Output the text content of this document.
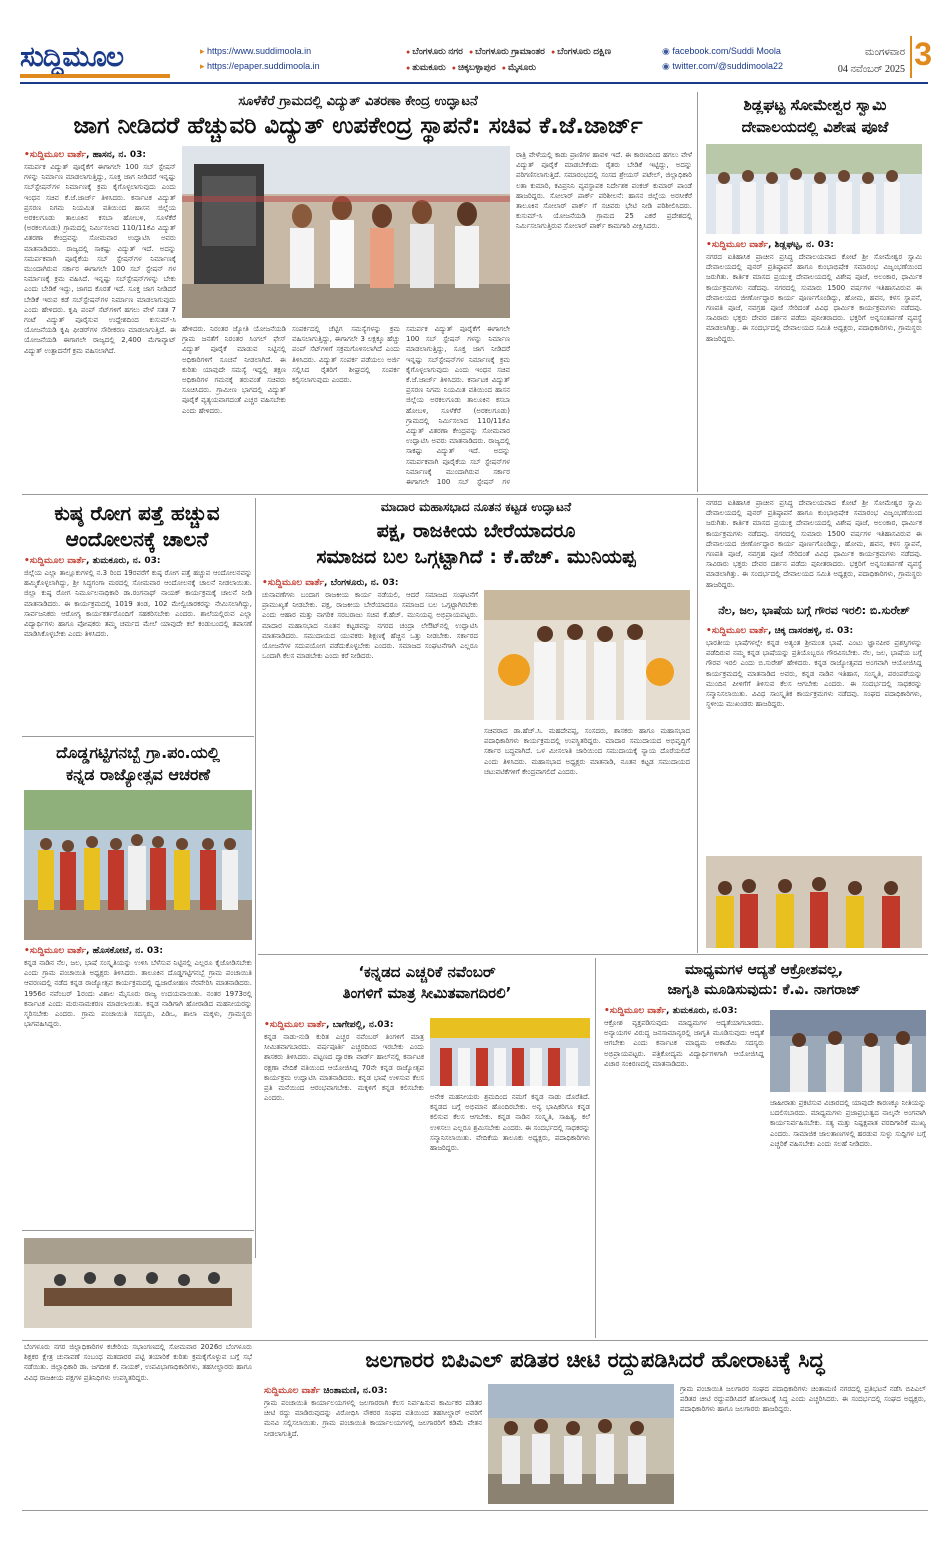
ಸುದ್ದಿಮೂಲ	▸ https://www.suddimoola.in
▸ https://epaper.suddimoola.in
● ಬೆಂಗಳೂರು ನಗರ ● ಬೆಂಗಳೂರು ಗ್ರಾಮಾಂತರ ● ಬೆಂಗಳೂರು ದಕ್ಷಿಣ
● ತುಮಕೂರು ● ಚಿಕ್ಕಬಳ್ಳಾಪುರ ● ಮೈಸೂರು
◉ facebook.com/Suddi Moola
◉ twitter.com/@suddimoola22
ಮಂಗಳವಾರ
04 ನವೆಂಬರ್ 2025 3
ಸೂಳೆಕೆರೆ ಗ್ರಾಮದಲ್ಲಿ ವಿದ್ಯುತ್ ವಿತರಣಾ ಕೇಂದ್ರ ಉದ್ಘಾಟನೆ
ಜಾಗ ನೀಡಿದರೆ ಹೆಚ್ಚುವರಿ ವಿದ್ಯುತ್ ಉಪಕೇಂದ್ರ ಸ್ಥಾಪನೆ: ಸಚಿವ ಕೆ.ಜೆ.ಜಾರ್ಜ್
•ಸುದ್ದಿಮೂಲ ವಾರ್ತೆ, ಹಾಸನ, ನ. 03:
ಸಮರ್ಪಕ ವಿದ್ಯುತ್ ಪೂರೈಕೆಗೆ ಈಗಾಗಲೇ 100 ಸಬ್ ಸ್ಟೇಷನ್ ಗಳನ್ನು ನಿರ್ಮಾಣ ಮಾಡಲಾಗುತ್ತಿದ್ದು, ಸೂಕ್ತ ಜಾಗ ನೀಡಿದರೆ ಇನ್ನಷ್ಟು ಸಬ್‌ಸ್ಟೇಷನ್‌ಗಳ ನಿರ್ಮಾಣಕ್ಕೆ ಕ್ರಮ ಕೈಗೊಳ್ಳಲಾಗುವುದು ಎಂದು ಇಂಧನ ಸಚಿವ ಕೆ.ಜೆ.ಜಾರ್ಜ್ ತಿಳಿಸಿದರು. ಕರ್ನಾಟಕ ವಿದ್ಯುತ್ ಪ್ರಸರಣ ನಿಗಮ ನಿಯಮಿತ ವತಿಯಿಂದ ಹಾಸನ ಜಿಲ್ಲೆಯ ಅರಕಲಗೂಡು ತಾಲೂಕಿನ ಕಸಬಾ ಹೋಬಳಿ, ಸೂಳೆಕೆರೆ (ಅರಕಲಗೂಡು) ಗ್ರಾಮದಲ್ಲಿ ನಿರ್ಮಿಸಲಾದ 110/11ಕೆವಿ ವಿದ್ಯುತ್ ವಿತರಣಾ ಕೇಂದ್ರವನ್ನು ಸೋಮವಾರ ಉದ್ಘಾಟಿಸಿ ಅವರು ಮಾತನಾಡಿದರು. ರಾಜ್ಯದಲ್ಲಿ ಸಾಕಷ್ಟು ವಿದ್ಯುತ್ ಇದೆ. ಅದನ್ನು ಸಮರ್ಪಕವಾಗಿ ಪೂರೈಕೆಯ ಸಬ್ ಸ್ಟೇಷನ್‌ಗಳ ನಿರ್ಮಾಣಕ್ಕೆ ಮುಂದಾಗಿರುವ ಸರ್ಕಾರ ಈಗಾಗಲೇ 100 ಸಬ್ ಸ್ಟೇಷನ್ ಗಳ ನಿರ್ಮಾಣಕ್ಕೆ ಕ್ರಮ ವಹಿಸಿದೆ. ಇನ್ನಷ್ಟು ಸಬ್‌ಸ್ಟೇಷನ್‌ಗಳನ್ನು ಬೇಕು ಎಂದು ಬೇಡಿಕೆ ಇದ್ದು, ಜಾಗದ ಕೊರತೆ ಇದೆ. ಸೂಕ್ತ ಜಾಗ ನೀಡಿದರೆ ಬೇಡಿಕೆ ಇರುವ ಕಡೆ ಸಬ್‌ಸ್ಟೇಷನ್‌ಗಳ ನಿರ್ಮಾಣ ಮಾಡಲಾಗುವುದು ಎಂದು ಹೇಳಿದರು. ಕೃಷಿ ಪಂಪ್ ಸೆಟ್‌ಗಳಿಗೆ ಹಗಲು ವೇಳೆ ಸತತ 7 ಗಂಟೆ ವಿದ್ಯುತ್ ಪೂರೈಸುವ ಉದ್ದೇಶದಿಂದ ಕುಸುಮ್-ಸಿ ಯೋಜನೆಯಡಿ ಕೃಷಿ ಫೀಡರ್‌ಗಳ ಸೌರೀಕರಣ ಮಾಡಲಾಗುತ್ತಿದೆ. ಈ ಯೋಜನೆಯಡಿ ಈಗಾಗಲೇ ರಾಜ್ಯದಲ್ಲಿ 2,400 ಮೆಗಾವ್ಯಾಟ್ ವಿದ್ಯುತ್ ಉತ್ಪಾದನೆಗೆ ಕ್ರಮ ವಹಿಸಲಾಗಿದೆ.
ಹೇಳಿದರು. ನಿರಂತರ ಜ್ಯೋತಿ ಯೋಜನೆಯಡಿ ಗ್ರಾಮ ಜನತೆಗೆ ನಿರಂತರ ಸಿಂಗಲ್ ಫೇಸ್ ವಿದ್ಯುತ್ ಪೂರೈಕೆ ಮಾಡುವ ನಿಟ್ಟಿನಲ್ಲಿ ಅಧಿಕಾರಿಗಳಿಗೆ ಸೂಚನೆ ನೀಡಲಾಗಿದೆ. ಈ ಕುರಿತು ಯಾವುದೇ ಸಮಸ್ಯೆ ಇದ್ದಲ್ಲಿ ತಕ್ಷಣ ಅಧಿಕಾರಿಗಳ ಗಮನಕ್ಕೆ ತರುವಂತೆ ಸಚಿವರು ಸೂಚಿಸಿದರು. ಗ್ರಾಮೀಣ ಭಾಗದಲ್ಲಿ ವಿದ್ಯುತ್ ಪೂರೈಕೆ ವ್ಯತ್ಯಯವಾಗದಂತೆ ಎಚ್ಚರ ವಹಿಸಬೇಕು ಎಂದು ಹೇಳಿದರು.
ಸಂಪರ್ಕದಲ್ಲಿ ಚೆಟ್ಟಿಗ ಸಮಸ್ಯೆಗಳನ್ನು ಕ್ರಮ ವಹಿಸಲಾಗುತ್ತಿದ್ದು, ಈಗಾಗಲೇ 3 ಲಕ್ಷಕ್ಕೂ ಹೆಚ್ಚು ಪಂಪ್ ಸೆಟ್‌ಗಳಿಗೆ ಸಕ್ರಮಗೊಳಿಸಲಾಗಿದೆ ಎಂದು ತಿಳಿಸಿದರು. ವಿದ್ಯುತ್ ಸಂಪರ್ಕ ಪಡೆಯಲು ಅರ್ಜಿ ಸಲ್ಲಿಸಿದ ರೈತರಿಗೆ ಶೀಘ್ರದಲ್ಲಿ ಸಂಪರ್ಕ ಕಲ್ಪಿಸಲಾಗುವುದು ಎಂದರು.
ಸಮರ್ಪಕ ವಿದ್ಯುತ್ ಪೂರೈಕೆಗೆ ಈಗಾಗಲೇ 100 ಸಬ್ ಸ್ಟೇಷನ್ ಗಳನ್ನು ನಿರ್ಮಾಣ ಮಾಡಲಾಗುತ್ತಿದ್ದು, ಸೂಕ್ತ ಜಾಗ ನೀಡಿದರೆ ಇನ್ನಷ್ಟು ಸಬ್‌ಸ್ಟೇಷನ್‌ಗಳ ನಿರ್ಮಾಣಕ್ಕೆ ಕ್ರಮ ಕೈಗೊಳ್ಳಲಾಗುವುದು ಎಂದು ಇಂಧನ ಸಚಿವ ಕೆ.ಜೆ.ಜಾರ್ಜ್ ತಿಳಿಸಿದರು. ಕರ್ನಾಟಕ ವಿದ್ಯುತ್ ಪ್ರಸರಣ ನಿಗಮ ನಿಯಮಿತ ವತಿಯಿಂದ ಹಾಸನ ಜಿಲ್ಲೆಯ ಅರಕಲಗೂಡು ತಾಲೂಕಿನ ಕಸಬಾ ಹೋಬಳಿ, ಸೂಳೆಕೆರೆ (ಅರಕಲಗೂಡು) ಗ್ರಾಮದಲ್ಲಿ ನಿರ್ಮಿಸಲಾದ 110/11ಕೆವಿ ವಿದ್ಯುತ್ ವಿತರಣಾ ಕೇಂದ್ರವನ್ನು ಸೋಮವಾರ ಉದ್ಘಾಟಿಸಿ ಅವರು ಮಾತನಾಡಿದರು. ರಾಜ್ಯದಲ್ಲಿ ಸಾಕಷ್ಟು ವಿದ್ಯುತ್ ಇದೆ. ಅದನ್ನು ಸಮರ್ಪಕವಾಗಿ ಪೂರೈಕೆಯ ಸಬ್ ಸ್ಟೇಷನ್‌ಗಳ ನಿರ್ಮಾಣಕ್ಕೆ ಮುಂದಾಗಿರುವ ಸರ್ಕಾರ ಈಗಾಗಲೇ 100 ಸಬ್ ಸ್ಟೇಷನ್ ಗಳ
ರಾತ್ರಿ ವೇಳೆಯಲ್ಲಿ ಕಾಡು ಪ್ರಾಣಿಗಳ ಹಾವಳಿ ಇದೆ. ಈ ಕಾರಣದಿಂದ ಹಗಲು ವೇಳೆ ವಿದ್ಯುತ್ ಪೂರೈಕೆ ಮಾಡಬೇಕೆಂದು ರೈತರು ಬೇಡಿಕೆ ಇಟ್ಟಿದ್ದು, ಅದನ್ನು ಪರಿಗಣಿಸಲಾಗುತ್ತಿದೆ. ಸಮಾರಂಭದಲ್ಲಿ ಸಂಸದ ಶ್ರೇಯಸ್ ಪಟೇಲ್, ಜಿಲ್ಲಾಧಿಕಾರಿ ಲತಾ ಕುಮಾರಿ, ಕವಿಪ್ರನಿನಿ ವ್ಯವಸ್ಥಾಪಕ ನಿರ್ದೇಶಕ ಪಂಕಜ್ ಕುಮಾರ್ ಪಾಂಡೆ ಹಾಜರಿದ್ದರು. ಸೋಲಾರ್ ಪಾರ್ಕ್ ಪರಿಶೀಲನೆ: ಹಾಸನ ಜಿಲ್ಲೆಯ ಅರಸೀಕೆರೆ ತಾಲೂಕಿನ ಸೋಲಾರ್ ಪಾರ್ಕ್ ಗೆ ಸಚಿವರು ಭೇಟಿ ನೀಡಿ ಪರಿಶೀಲಿಸಿದರು. ಕುಸುಮ್-ಸಿ ಯೋಜನೆಯಡಿ ಗ್ರಾಮದ 25 ಎಕರೆ ಪ್ರದೇಶದಲ್ಲಿ ನಿರ್ಮಿಸಲಾಗುತ್ತಿರುವ ಸೋಲಾರ್ ಪಾರ್ಕ್ ಕಾಮಗಾರಿ ವೀಕ್ಷಿಸಿದರು.
ಶಿಡ್ಲಘಟ್ಟ ಸೋಮೇಶ್ವರ ಸ್ವಾಮಿ
ದೇವಾಲಯದಲ್ಲಿ ವಿಶೇಷ ಪೂಜೆ
•ಸುದ್ದಿಮೂಲ ವಾರ್ತೆ, ಶಿಡ್ಲಘಟ್ಟ, ನ. 03:
ನಗರದ ಐತಿಹಾಸಿಕ ಪ್ರಾಚೀನ ಪ್ರಸಿದ್ಧ ದೇವಾಲಯವಾದ ಕೋಟೆ ಶ್ರೀ ಸೋಮೇಶ್ವರ ಸ್ವಾಮಿ ದೇವಾಲಯದಲ್ಲಿ ಪುನರ್ ಪ್ರತಿಷ್ಠಾಪನೆ ಹಾಗೂ ಕುಂಭಾಭಿಷೇಕ ಸಮಾರಂಭ ವಿಜೃಂಭಣೆಯಿಂದ ಜರುಗಿತು. ಕಾರ್ತಿಕ ಮಾಸದ ಪ್ರಯುಕ್ತ ದೇವಾಲಯದಲ್ಲಿ ವಿಶೇಷ ಪೂಜೆ, ಅಲಂಕಾರ, ಧಾರ್ಮಿಕ ಕಾರ್ಯಕ್ರಮಗಳು ನಡೆದವು. ನಗರದಲ್ಲಿ ಸುಮಾರು 1500 ವರ್ಷಗಳ ಇತಿಹಾಸವಿರುವ ಈ ದೇವಾಲಯದ ಜೀರ್ಣೋದ್ಧಾರ ಕಾರ್ಯ ಪೂರ್ಣಗೊಂಡಿದ್ದು, ಹೋಮ, ಹವನ, ಕಳಸ ಸ್ಥಾಪನೆ, ಗಣಪತಿ ಪೂಜೆ, ನವಗ್ರಹ ಪೂಜೆ ಸೇರಿದಂತೆ ವಿವಿಧ ಧಾರ್ಮಿಕ ಕಾರ್ಯಕ್ರಮಗಳು ನಡೆದವು. ಸಾವಿರಾರು ಭಕ್ತರು ದೇವರ ದರ್ಶನ ಪಡೆದು ಪುನೀತರಾದರು. ಭಕ್ತರಿಗೆ ಅನ್ನಸಂತರ್ಪಣೆ ವ್ಯವಸ್ಥೆ ಮಾಡಲಾಗಿತ್ತು. ಈ ಸಂದರ್ಭದಲ್ಲಿ ದೇವಾಲಯದ ಸಮಿತಿ ಅಧ್ಯಕ್ಷರು, ಪದಾಧಿಕಾರಿಗಳು, ಗ್ರಾಮಸ್ಥರು ಹಾಜರಿದ್ದರು.
ಕುಷ್ಠ ರೋಗ ಪತ್ತೆ ಹಚ್ಚುವ
ಆಂದೋಲನಕ್ಕೆ ಚಾಲನೆ
•ಸುದ್ದಿಮೂಲ ವಾರ್ತೆ, ತುಮಕೂರು, ನ. 03:
ಜಿಲ್ಲೆಯ ಎಲ್ಲಾ ತಾಲ್ಲೂಕುಗಳಲ್ಲಿ ನ.3 ರಿಂದ 19ರವರೆಗೆ ಕುಷ್ಠ ರೋಗ ಪತ್ತೆ ಹಚ್ಚುವ ಆಂದೋಲನವನ್ನು ಹಮ್ಮಿಕೊಳ್ಳಲಾಗಿದ್ದು, ಶ್ರೀ ಸಿದ್ಧಗಂಗಾ ಮಠದಲ್ಲಿ ಸೋಮವಾರ ಆಂದೋಲನಕ್ಕೆ ಚಾಲನೆ ನೀಡಲಾಯಿತು. ಜಿಲ್ಲಾ ಕುಷ್ಠ ರೋಗ ನಿರ್ಮೂಲನಾಧಿಕಾರಿ ಡಾ.ರಂಗನಾಥ್ ನಾಯಕ್ ಕಾರ್ಯಕ್ರಮಕ್ಕೆ ಚಾಲನೆ ನೀಡಿ ಮಾತನಾಡಿದರು. ಈ ಕಾರ್ಯಕ್ರಮದಲ್ಲಿ 1019 ತಂಡ, 102 ಮೇಲ್ವಿಚಾರಕರನ್ನು ನೇಮಿಸಲಾಗಿದ್ದು, ಸಾರ್ವಜನಿಕರು ಆರೋಗ್ಯ ಕಾರ್ಯಕರ್ತರೊಂದಿಗೆ ಸಹಕರಿಸಬೇಕು ಎಂದರು. ಶಾಲೆಯಲ್ಲಿರುವ ಎಲ್ಲಾ ವಿದ್ಯಾರ್ಥಿಗಳು ಹಾಗೂ ಪೋಷಕರು ತಮ್ಮ ಚರ್ಮದ ಮೇಲೆ ಯಾವುದೇ ಕಲೆ ಕಂಡುಬಂದಲ್ಲಿ ತಪಾಸಣೆ ಮಾಡಿಸಿಕೊಳ್ಳಬೇಕು ಎಂದು ತಿಳಿಸಿದರು.
ದೊಡ್ಡಗಟ್ಟಿಗನಬ್ಬೆ ಗ್ರಾ.ಪಂ.ಯಲ್ಲಿ
ಕನ್ನಡ ರಾಜ್ಯೋತ್ಸವ ಆಚರಣೆ
•ಸುದ್ದಿಮೂಲ ವಾರ್ತೆ, ಹೊಸಕೋಟೆ, ನ. 03:
ಕನ್ನಡ ನಾಡಿನ ನೆಲ, ಜಲ, ಭಾಷೆ ಸಂಸ್ಕೃತಿಯನ್ನು ಉಳಿಸಿ ಬೆಳೆಸುವ ನಿಟ್ಟಿನಲ್ಲಿ ಎಲ್ಲರೂ ಕೈಜೋಡಿಸಬೇಕು ಎಂದು ಗ್ರಾಮ ಪಂಚಾಯಿತಿ ಅಧ್ಯಕ್ಷರು ತಿಳಿಸಿದರು. ತಾಲೂಕಿನ ದೊಡ್ಡಗಟ್ಟಿಗನಬ್ಬೆ ಗ್ರಾಮ ಪಂಚಾಯಿತಿ ಆವರಣದಲ್ಲಿ ನಡೆದ ಕನ್ನಡ ರಾಜ್ಯೋತ್ಸವ ಕಾರ್ಯಕ್ರಮದಲ್ಲಿ ಧ್ವಜಾರೋಹಣ ನೆರವೇರಿಸಿ ಮಾತನಾಡಿದರು. 1956ರ ನವೆಂಬರ್ 1ರಂದು ವಿಶಾಲ ಮೈಸೂರು ರಾಜ್ಯ ಉದಯವಾಯಿತು. ನಂತರ 1973ರಲ್ಲಿ ಕರ್ನಾಟಕ ಎಂದು ಮರುನಾಮಕರಣ ಮಾಡಲಾಯಿತು. ಕನ್ನಡ ನಾಡಿಗಾಗಿ ಹೋರಾಡಿದ ಮಹನೀಯರನ್ನು ಸ್ಮರಿಸಬೇಕು ಎಂದರು. ಗ್ರಾಮ ಪಂಚಾಯಿತಿ ಸದಸ್ಯರು, ಪಿಡಿಒ, ಶಾಲಾ ಮಕ್ಕಳು, ಗ್ರಾಮಸ್ಥರು ಭಾಗವಹಿಸಿದ್ದರು.
ಬೆಂಗಳೂರು ನಗರ ಜಿಲ್ಲಾಧಿಕಾರಿಗಳ ಕಚೇರಿಯ ಸಭಾಂಗಣದಲ್ಲಿ ಸೋಮವಾರ 2026ರ ಬೆಂಗಳೂರು ಶಿಕ್ಷಕರ ಕ್ಷೇತ್ರ ಚುನಾವಣೆ ಸಂಬಂಧ ಮತದಾರರ ಪಟ್ಟಿ ತಯಾರಿಕೆ ಕುರಿತು ಕ್ರಮಕೈಗೊಳ್ಳುವ ಬಗ್ಗೆ ಸಭೆ ನಡೆಯಿತು. ಜಿಲ್ಲಾಧಿಕಾರಿ ಡಾ. ಜಗದೀಶ ಕೆ. ನಾಯಕ್, ಉಪವಿಭಾಗಾಧಿಕಾರಿಗಳು, ತಹಸೀಲ್ದಾರರು ಹಾಗೂ ವಿವಿಧ ರಾಜಕೀಯ ಪಕ್ಷಗಳ ಪ್ರತಿನಿಧಿಗಳು ಉಪಸ್ಥಿತರಿದ್ದರು.
ಮಾದಾರ ಮಹಾಸಭಾದ ನೂತನ ಕಟ್ಟಡ ಉದ್ಘಾಟನೆ
ಪಕ್ಷ, ರಾಜಕೀಯ ಬೇರೆಯಾದರೂ
ಸಮಾಜದ ಬಲ ಒಗ್ಗಟ್ಟಾಗಿದೆ : ಕೆ.ಹೆಚ್. ಮುನಿಯಪ್ಪ
•ಸುದ್ದಿಮೂಲ ವಾರ್ತೆ, ಬೆಂಗಳೂರು, ನ. 03:
ಚುನಾವಣೆಗಳು ಬಂದಾಗ ರಾಜಕೀಯ ಕಾರ್ಯ ನಡೆಯಲಿ, ಆದರೆ ಸಮಾಜದ ಸಂಘಟನೆಗೆ ಪ್ರಾಮುಖ್ಯತೆ ನೀಡಬೇಕು. ಪಕ್ಷ, ರಾಜಕೀಯ ಬೇರೆಯಾದರೂ ಸಮಾಜದ ಬಲ ಒಗ್ಗಟ್ಟಾಗಿರಬೇಕು ಎಂದು ಆಹಾರ ಮತ್ತು ನಾಗರಿಕ ಸರಬರಾಜು ಸಚಿವ ಕೆ.ಹೆಚ್. ಮುನಿಯಪ್ಪ ಅಭಿಪ್ರಾಯಪಟ್ಟರು. ಮಾದಾರ ಮಹಾಸಭಾದ ನೂತನ ಕಟ್ಟಡವನ್ನು ನಗರದ ಚಂದ್ರಾ ಲೇಔಟ್‌ನಲ್ಲಿ ಉದ್ಘಾಟಿಸಿ ಮಾತನಾಡಿದರು. ಸಮುದಾಯದ ಯುವಕರು ಶಿಕ್ಷಣಕ್ಕೆ ಹೆಚ್ಚಿನ ಒತ್ತು ನೀಡಬೇಕು. ಸರ್ಕಾರದ ಯೋಜನೆಗಳ ಸದುಪಯೋಗ ಪಡೆದುಕೊಳ್ಳಬೇಕು ಎಂದರು. ಸಮಾಜದ ಸಂಘಟನೆಗಾಗಿ ಎಲ್ಲರೂ ಒಂದಾಗಿ ಕೆಲಸ ಮಾಡಬೇಕು ಎಂದು ಕರೆ ನೀಡಿದರು.
ಸಚಿವರಾದ ಡಾ.ಹೆಚ್.ಸಿ. ಮಹದೇವಪ್ಪ, ಸಂಸದರು, ಶಾಸಕರು ಹಾಗೂ ಮಹಾಸಭಾದ ಪದಾಧಿಕಾರಿಗಳು ಕಾರ್ಯಕ್ರಮದಲ್ಲಿ ಉಪಸ್ಥಿತರಿದ್ದರು. ಮಾದಾರ ಸಮುದಾಯದ ಅಭಿವೃದ್ಧಿಗೆ ಸರ್ಕಾರ ಬದ್ಧವಾಗಿದೆ. ಒಳ ಮೀಸಲಾತಿ ಜಾರಿಯಿಂದ ಸಮುದಾಯಕ್ಕೆ ನ್ಯಾಯ ದೊರೆಯಲಿದೆ ಎಂದು ತಿಳಿಸಿದರು. ಮಹಾಸಭಾದ ಅಧ್ಯಕ್ಷರು ಮಾತನಾಡಿ, ನೂತನ ಕಟ್ಟಡ ಸಮುದಾಯದ ಚಟುವಟಿಕೆಗಳಿಗೆ ಕೇಂದ್ರವಾಗಲಿದೆ ಎಂದರು.
ನೆಲ, ಜಲ, ಭಾಷೆಯ ಬಗ್ಗೆ ಗೌರವ ಇರಲಿ: ಬಿ.ಸುರೇಶ್
•ಸುದ್ದಿಮೂಲ ವಾರ್ತೆ, ಚಿಕ್ಕ ದಾಸರಹಳ್ಳಿ, ನ. 03:
ಭಾರತೀಯ ಭಾಷೆಗಳಲ್ಲೇ ಕನ್ನಡ ಅತ್ಯಂತ ಶ್ರೀಮಂತ ಭಾಷೆ. ಎಂಟು ಜ್ಞಾನಪೀಠ ಪ್ರಶಸ್ತಿಗಳನ್ನು ಪಡೆದಿರುವ ನಮ್ಮ ಕನ್ನಡ ಭಾಷೆಯನ್ನು ಪ್ರತಿಯೊಬ್ಬರೂ ಗೌರವಿಸಬೇಕು. ನೆಲ, ಜಲ, ಭಾಷೆಯ ಬಗ್ಗೆ ಗೌರವ ಇರಲಿ ಎಂದು ಬಿ.ಸುರೇಶ್ ಹೇಳಿದರು. ಕನ್ನಡ ರಾಜ್ಯೋತ್ಸವದ ಅಂಗವಾಗಿ ಆಯೋಜಿಸಿದ್ದ ಕಾರ್ಯಕ್ರಮದಲ್ಲಿ ಮಾತನಾಡಿದ ಅವರು, ಕನ್ನಡ ನಾಡಿನ ಇತಿಹಾಸ, ಸಂಸ್ಕೃತಿ, ಪರಂಪರೆಯನ್ನು ಮುಂದಿನ ಪೀಳಿಗೆಗೆ ತಿಳಿಸುವ ಕೆಲಸ ಆಗಬೇಕು ಎಂದರು. ಈ ಸಂದರ್ಭದಲ್ಲಿ ಸಾಧಕರನ್ನು ಸನ್ಮಾನಿಸಲಾಯಿತು. ವಿವಿಧ ಸಾಂಸ್ಕೃತಿಕ ಕಾರ್ಯಕ್ರಮಗಳು ನಡೆದವು. ಸಂಘದ ಪದಾಧಿಕಾರಿಗಳು, ಸ್ಥಳೀಯ ಮುಖಂಡರು ಹಾಜರಿದ್ದರು.
ನಗರದ ಐತಿಹಾಸಿಕ ಪ್ರಾಚೀನ ಪ್ರಸಿದ್ಧ ದೇವಾಲಯವಾದ ಕೋಟೆ ಶ್ರೀ ಸೋಮೇಶ್ವರ ಸ್ವಾಮಿ ದೇವಾಲಯದಲ್ಲಿ ಪುನರ್ ಪ್ರತಿಷ್ಠಾಪನೆ ಹಾಗೂ ಕುಂಭಾಭಿಷೇಕ ಸಮಾರಂಭ ವಿಜೃಂಭಣೆಯಿಂದ ಜರುಗಿತು. ಕಾರ್ತಿಕ ಮಾಸದ ಪ್ರಯುಕ್ತ ದೇವಾಲಯದಲ್ಲಿ ವಿಶೇಷ ಪೂಜೆ, ಅಲಂಕಾರ, ಧಾರ್ಮಿಕ ಕಾರ್ಯಕ್ರಮಗಳು ನಡೆದವು. ನಗರದಲ್ಲಿ ಸುಮಾರು 1500 ವರ್ಷಗಳ ಇತಿಹಾಸವಿರುವ ಈ ದೇವಾಲಯದ ಜೀರ್ಣೋದ್ಧಾರ ಕಾರ್ಯ ಪೂರ್ಣಗೊಂಡಿದ್ದು, ಹೋಮ, ಹವನ, ಕಳಸ ಸ್ಥಾಪನೆ, ಗಣಪತಿ ಪೂಜೆ, ನವಗ್ರಹ ಪೂಜೆ ಸೇರಿದಂತೆ ವಿವಿಧ ಧಾರ್ಮಿಕ ಕಾರ್ಯಕ್ರಮಗಳು ನಡೆದವು. ಸಾವಿರಾರು ಭಕ್ತರು ದೇವರ ದರ್ಶನ ಪಡೆದು ಪುನೀತರಾದರು. ಭಕ್ತರಿಗೆ ಅನ್ನಸಂತರ್ಪಣೆ ವ್ಯವಸ್ಥೆ ಮಾಡಲಾಗಿತ್ತು. ಈ ಸಂದರ್ಭದಲ್ಲಿ ದೇವಾಲಯದ ಸಮಿತಿ ಅಧ್ಯಕ್ಷರು, ಪದಾಧಿಕಾರಿಗಳು, ಗ್ರಾಮಸ್ಥರು ಹಾಜರಿದ್ದರು.
‘ಕನ್ನಡದ ಎಚ್ಚರಿಕೆ ನವೆಂಬರ್
ತಿಂಗಳಿಗೆ ಮಾತ್ರ ಸೀಮಿತವಾಗದಿರಲಿ’
•ಸುದ್ದಿಮೂಲ ವಾರ್ತೆ, ಬಾಗೇಪಲ್ಲಿ, ನ.03:
ಕನ್ನಡ ನಾಡು-ನುಡಿ ಕುರಿತ ಎಚ್ಚರ ನವೆಂಬರ್ ತಿಂಗಳಿಗೆ ಮಾತ್ರ ಸೀಮಿತವಾಗಬಾರದು. ವರ್ಷಪೂರ್ತಿ ಎಚ್ಚರದಿಂದ ಇರಬೇಕು ಎಂದು ಶಾಸಕರು ತಿಳಿಸಿದರು. ಪಟ್ಟಣದ ದ್ವಾರಕಾ ವಾರ್ಡ್ ಹಾಲ್‌ನಲ್ಲಿ ಕರ್ನಾಟಕ ರಕ್ಷಣಾ ವೇದಿಕೆ ವತಿಯಿಂದ ಆಯೋಜಿಸಿದ್ದ 70ನೇ ಕನ್ನಡ ರಾಜ್ಯೋತ್ಸವ ಕಾರ್ಯಕ್ರಮ ಉದ್ಘಾಟಿಸಿ ಮಾತನಾಡಿದರು. ಕನ್ನಡ ಭಾಷೆ ಉಳಿಸುವ ಕೆಲಸ ಪ್ರತಿ ಮನೆಯಿಂದ ಆರಂಭವಾಗಬೇಕು. ಮಕ್ಕಳಿಗೆ ಕನ್ನಡ ಕಲಿಸಬೇಕು ಎಂದರು.	ಅನೇಕ ಮಹನೀಯರು ಶ್ರಮದಿಂದ ನಮಗೆ ಕನ್ನಡ ನಾಡು ದೊರೆತಿದೆ. ಕನ್ನಡದ ಬಗ್ಗೆ ಅಭಿಮಾನ ಹೊಂದಿರಬೇಕು. ಅನ್ಯ ಭಾಷಿಕರಿಗೂ ಕನ್ನಡ ಕಲಿಸುವ ಕೆಲಸ ಆಗಬೇಕು. ಕನ್ನಡ ನಾಡಿನ ಸಂಸ್ಕೃತಿ, ಸಾಹಿತ್ಯ, ಕಲೆ ಉಳಿಸಲು ಎಲ್ಲರೂ ಶ್ರಮಿಸಬೇಕು ಎಂದರು. ಈ ಸಂದರ್ಭದಲ್ಲಿ ಸಾಧಕರನ್ನು ಸನ್ಮಾನಿಸಲಾಯಿತು. ವೇದಿಕೆಯ ತಾಲೂಕು ಅಧ್ಯಕ್ಷರು, ಪದಾಧಿಕಾರಿಗಳು ಹಾಜರಿದ್ದರು.
ಮಾಧ್ಯಮಗಳ ಆದ್ಯತೆ ಆಕ್ರೋಶವಲ್ಲ,
ಜಾಗೃತಿ ಮೂಡಿಸುವುದು: ಕೆ.ವಿ. ನಾಗರಾಜ್
•ಸುದ್ದಿಮೂಲ ವಾರ್ತೆ, ತುಮಕೂರು, ನ.03:
ಆಕ್ರೋಶ ವ್ಯಕ್ತಪಡಿಸುವುದು ಮಾಧ್ಯಮಗಳ ಆದ್ಯತೆಯಾಗಬಾರದು. ಅನ್ಯಾಯಗಳ ವಿರುದ್ಧ ಜನಸಾಮಾನ್ಯರಲ್ಲಿ ಜಾಗೃತಿ ಮೂಡಿಸುವುದು ಆದ್ಯತೆ ಆಗಬೇಕು ಎಂದು ಕರ್ನಾಟಕ ಮಾಧ್ಯಮ ಅಕಾಡೆಮಿ ಸದಸ್ಯರು ಅಭಿಪ್ರಾಯಪಟ್ಟರು. ಪತ್ರಿಕೋದ್ಯಮ ವಿದ್ಯಾರ್ಥಿಗಳಿಗಾಗಿ ಆಯೋಜಿಸಿದ್ದ ವಿಚಾರ ಸಂಕಿರಣದಲ್ಲಿ ಮಾತನಾಡಿದರು.
ಜಾಹೀರಾತು ಪ್ರಕಟಿಸುವ ವಿಚಾರದಲ್ಲಿ ಯಾವುದೇ ಕಾರಣಕ್ಕೂ ನೀತಿಯನ್ನು ಬದಲಿಸಬಾರದು. ಮಾಧ್ಯಮಗಳು ಪ್ರಜಾಪ್ರಭುತ್ವದ ನಾಲ್ಕನೇ ಅಂಗವಾಗಿ ಕಾರ್ಯನಿರ್ವಹಿಸಬೇಕು. ಸತ್ಯ ಮತ್ತು ನಿಷ್ಪಕ್ಷಪಾತ ವರದಿಗಾರಿಕೆ ಮುಖ್ಯ ಎಂದರು. ಸಾಮಾಜಿಕ ಜಾಲತಾಣಗಳಲ್ಲಿ ಹರಡುವ ಸುಳ್ಳು ಸುದ್ದಿಗಳ ಬಗ್ಗೆ ಎಚ್ಚರಿಕೆ ವಹಿಸಬೇಕು ಎಂದು ಸಲಹೆ ನೀಡಿದರು.
ಜಲಗಾರರ ಬಿಪಿಎಲ್ ಪಡಿತರ ಚೀಟಿ ರದ್ದುಪಡಿಸಿದರೆ ಹೋರಾಟಕ್ಕೆ ಸಿದ್ಧ
ಸುದ್ದಿಮೂಲ ವಾರ್ತೆ ಚಿಂತಾಮಣಿ, ನ.03:
ಗ್ರಾಮ ಪಂಚಾಯಿತಿ ಕಾರ್ಯಾಲಯಗಳಲ್ಲಿ ಜಲಗಾರರಾಗಿ ಕೆಲಸ ನಿರ್ವಹಿಸುವ ಕಾರ್ಮಿಕರ ಪಡಿತರ ಚೀಟಿ ರದ್ದು ಮಾಡಿರುವುದನ್ನು ವಿರೋಧಿಸಿ ನೌಕರರ ಸಂಘದ ವತಿಯಿಂದ ತಹಸೀಲ್ದಾರ್ ಅವರಿಗೆ ಮನವಿ ಸಲ್ಲಿಸಲಾಯಿತು. ಗ್ರಾಮ ಪಂಚಾಯಿತಿ ಕಾರ್ಯಾಲಯಗಳಲ್ಲಿ ಜಲಗಾರರಿಗೆ ಕಡಿಮೆ ವೇತನ ನೀಡಲಾಗುತ್ತಿದೆ.
ಗ್ರಾಮ ಪಂಚಾಯಿತಿ ಜಲಗಾರರ ಸಂಘದ ಪದಾಧಿಕಾರಿಗಳು ಚಿಂತಾಮಣಿ ನಗರದಲ್ಲಿ ಪ್ರತಿಭಟನೆ ನಡೆಸಿ ಬಿಪಿಎಲ್ ಪಡಿತರ ಚೀಟಿ ರದ್ದುಪಡಿಸಿದರೆ ಹೋರಾಟಕ್ಕೆ ಸಿದ್ಧ ಎಂದು ಎಚ್ಚರಿಸಿದರು. ಈ ಸಂದರ್ಭದಲ್ಲಿ ಸಂಘದ ಅಧ್ಯಕ್ಷರು, ಪದಾಧಿಕಾರಿಗಳು ಹಾಗೂ ಜಲಗಾರರು ಹಾಜರಿದ್ದರು.
